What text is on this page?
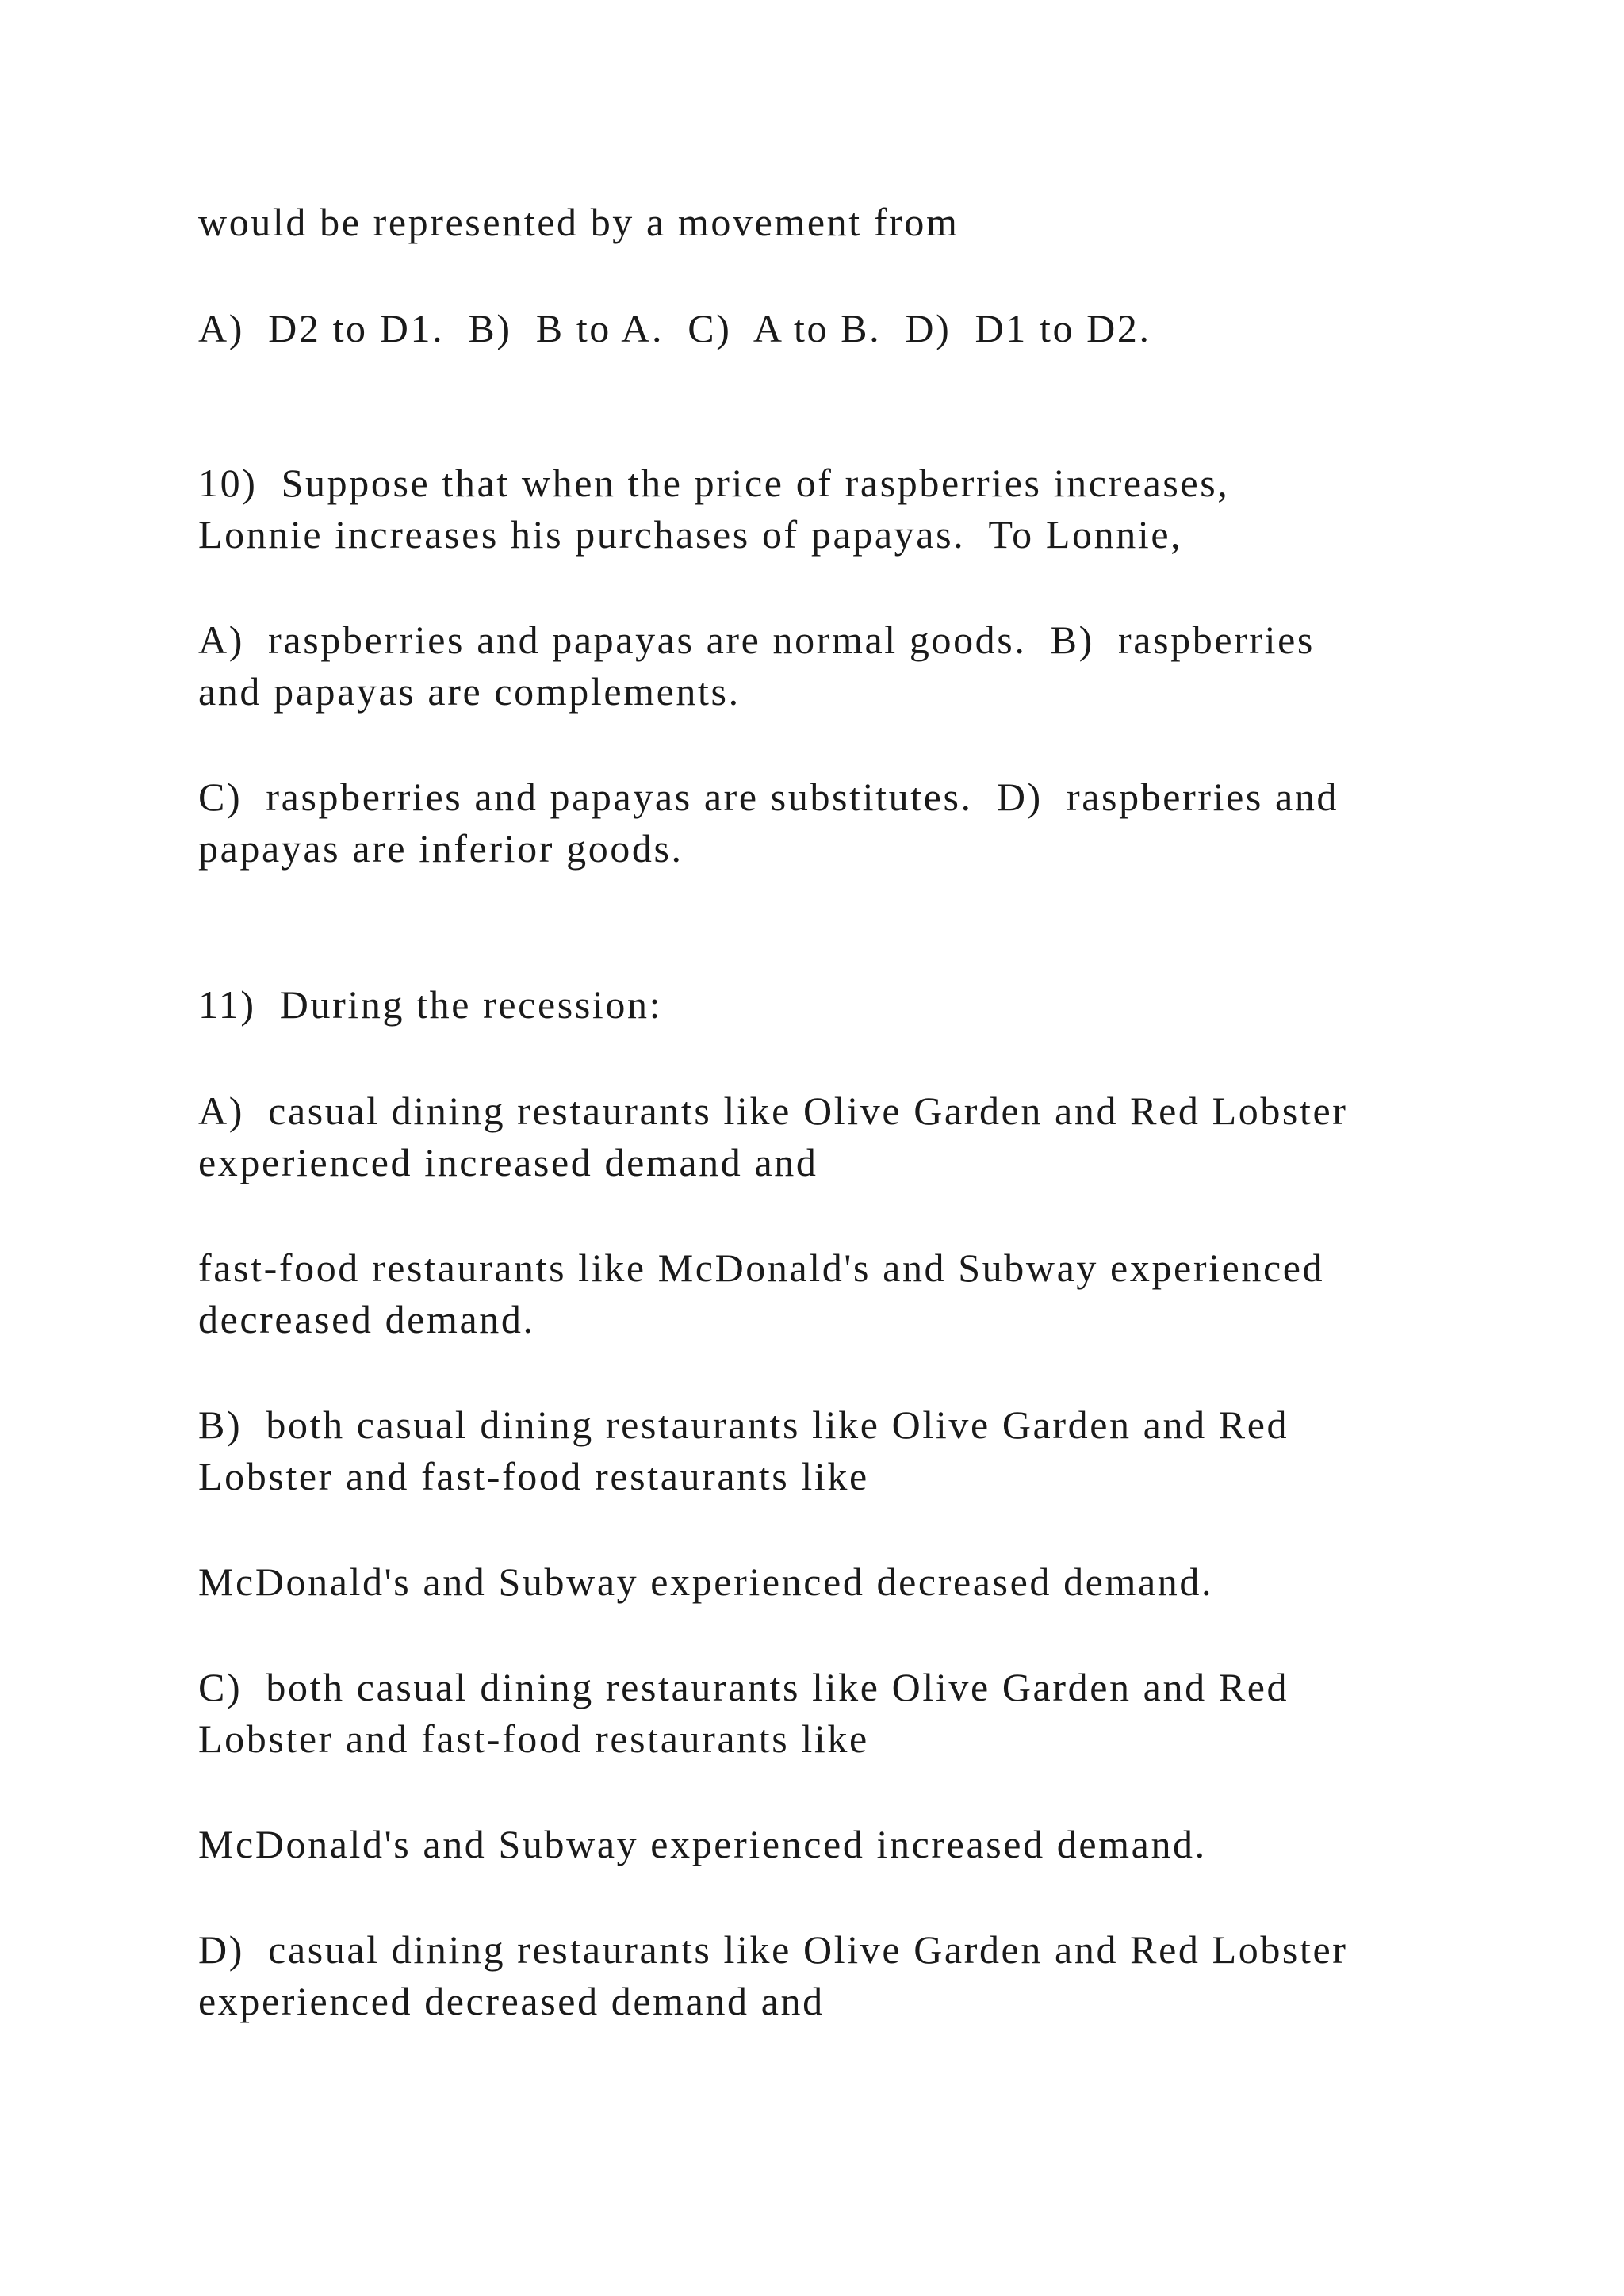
would be represented by a movement from

A)  D2 to D1.  B)  B to A.  C)  A to B.  D)  D1 to D2.

10)  Suppose that when the price of raspberries increases,
Lonnie increases his purchases of papayas.  To Lonnie,

A)  raspberries and papayas are normal goods.  B)  raspberries
and papayas are complements.

C)  raspberries and papayas are substitutes.  D)  raspberries and
papayas are inferior goods.

11)  During the recession:

A)  casual dining restaurants like Olive Garden and Red Lobster
experienced increased demand and

fast-food restaurants like McDonald's and Subway experienced
decreased demand.

B)  both casual dining restaurants like Olive Garden and Red
Lobster and fast-food restaurants like

McDonald's and Subway experienced decreased demand.

C)  both casual dining restaurants like Olive Garden and Red
Lobster and fast-food restaurants like

McDonald's and Subway experienced increased demand.

D)  casual dining restaurants like Olive Garden and Red Lobster
experienced decreased demand and
